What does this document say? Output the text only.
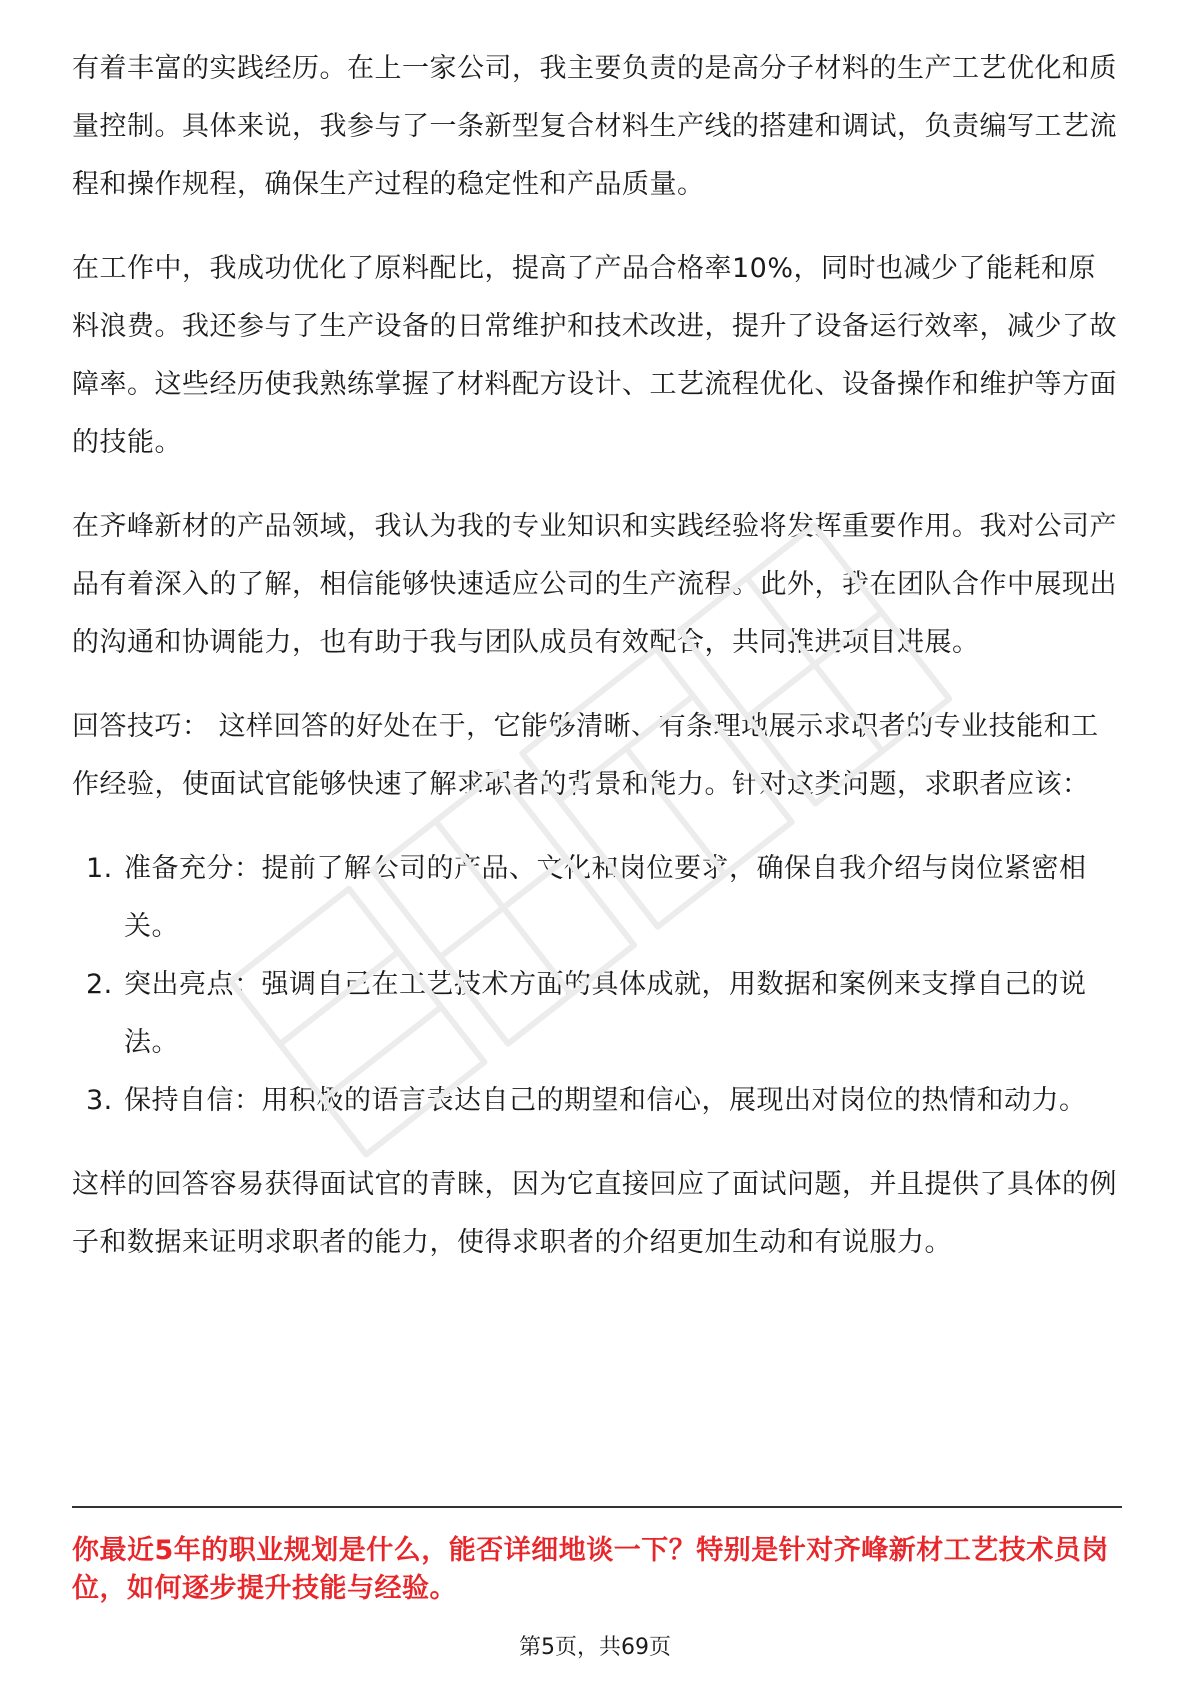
有着丰富的实践经历。在上一家公司，我主要负责的是高分子材料的生产工艺优化和质量控制。具体来说，我参与了一条新型复合材料生产线的搭建和调试，负责编写工艺流程和操作规程，确保生产过程的稳定性和产品质量。

在工作中，我成功优化了原料配比，提高了产品合格率10%，同时也减少了能耗和原料浪费。我还参与了生产设备的日常维护和技术改进，提升了设备运行效率，减少了故障率。这些经历使我熟练掌握了材料配方设计、工艺流程优化、设备操作和维护等方面的技能。

在齐峰新材的产品领域，我认为我的专业知识和实践经验将发挥重要作用。我对公司产品有着深入的了解，相信能够快速适应公司的生产流程。此外，我在团队合作中展现出的沟通和协调能力，也有助于我与团队成员有效配合，共同推进项目进展。

回答技巧： 这样回答的好处在于，它能够清晰、有条理地展示求职者的专业技能和工作经验，使面试官能够快速了解求职者的背景和能力。针对这类问题，求职者应该：

1. 准备充分：提前了解公司的产品、文化和岗位要求，确保自我介绍与岗位紧密相关。
2. 突出亮点：强调自己在工艺技术方面的具体成就，用数据和案例来支撑自己的说法。
3. 保持自信：用积极的语言表达自己的期望和信心，展现出对岗位的热情和动力。

这样的回答容易获得面试官的青睐，因为它直接回应了面试问题，并且提供了具体的例子和数据来证明求职者的能力，使得求职者的介绍更加生动和有说服力。

你最近5年的职业规划是什么，能否详细地谈一下？特别是针对齐峰新材工艺技术员岗位，如何逐步提升技能与经验。
第5页，共69页
